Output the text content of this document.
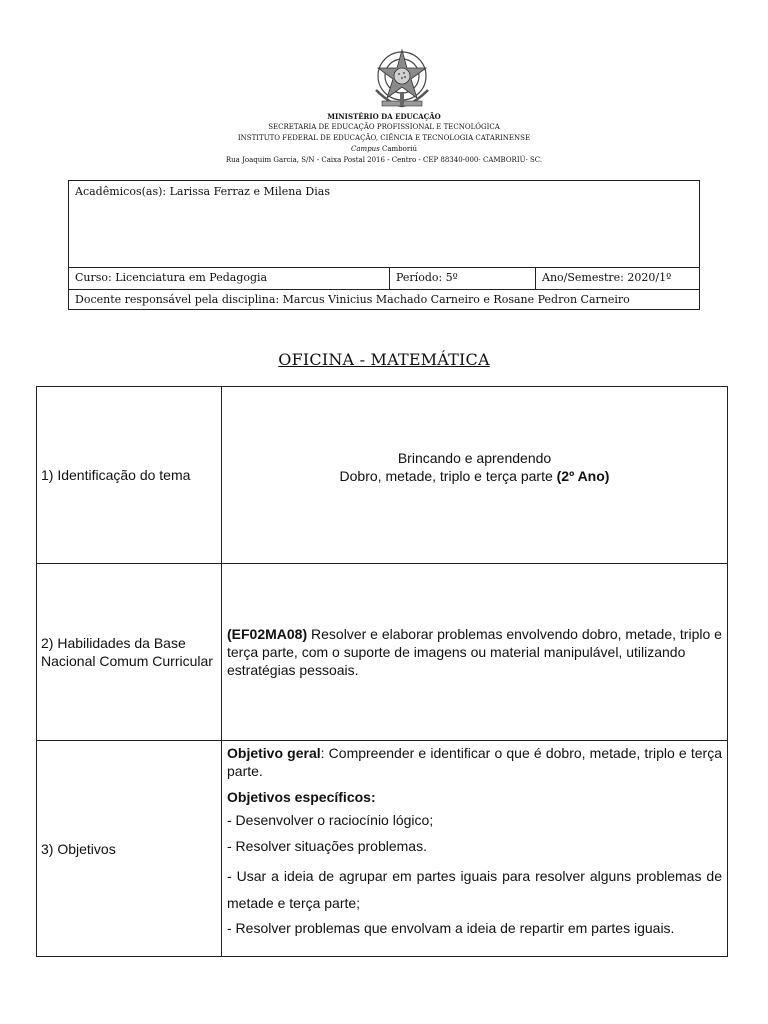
MINISTÉRIO DA EDUCAÇÃO
SECRETARIA DE EDUCAÇÃO PROFISSIONAL E TECNOLÓGICA
INSTITUTO FEDERAL DE EDUCAÇÃO, CIÊNCIA E TECNOLOGIA CATARINENSE
Campus Camboriú
Rua Joaquim Garcia, S/N - Caixa Postal 2016 - Centro - CEP 88340-000- CAMBORIÚ- SC.
Acadêmicos(as): Larissa Ferraz e Milena Dias
Curso: Licenciatura em Pedagogia	Período: 5º	Ano/Semestre: 2020/1º
Docente responsável pela disciplina: Marcus Vinicius Machado Carneiro e Rosane Pedron Carneiro
OFICINA - MATEMÁTICA
1) Identificação do tema
Brincando e aprendendo
Dobro, metade, triplo e terça parte (2º Ano)
2) Habilidades da Base Nacional Comum Curricular
(EF02MA08) Resolver e elaborar problemas envolvendo dobro, metade, triplo e terça parte, com o suporte de imagens ou material manipulável, utilizando estratégias pessoais.
3) Objetivos
Objetivo geral: Compreender e identificar o que é dobro, metade, triplo e terça parte.
Objetivos específicos:
- Desenvolver o raciocínio lógico;
- Resolver situações problemas.
- Usar a ideia de agrupar em partes iguais para resolver alguns problemas de metade e terça parte;
- Resolver problemas que envolvam a ideia de repartir em partes iguais.
